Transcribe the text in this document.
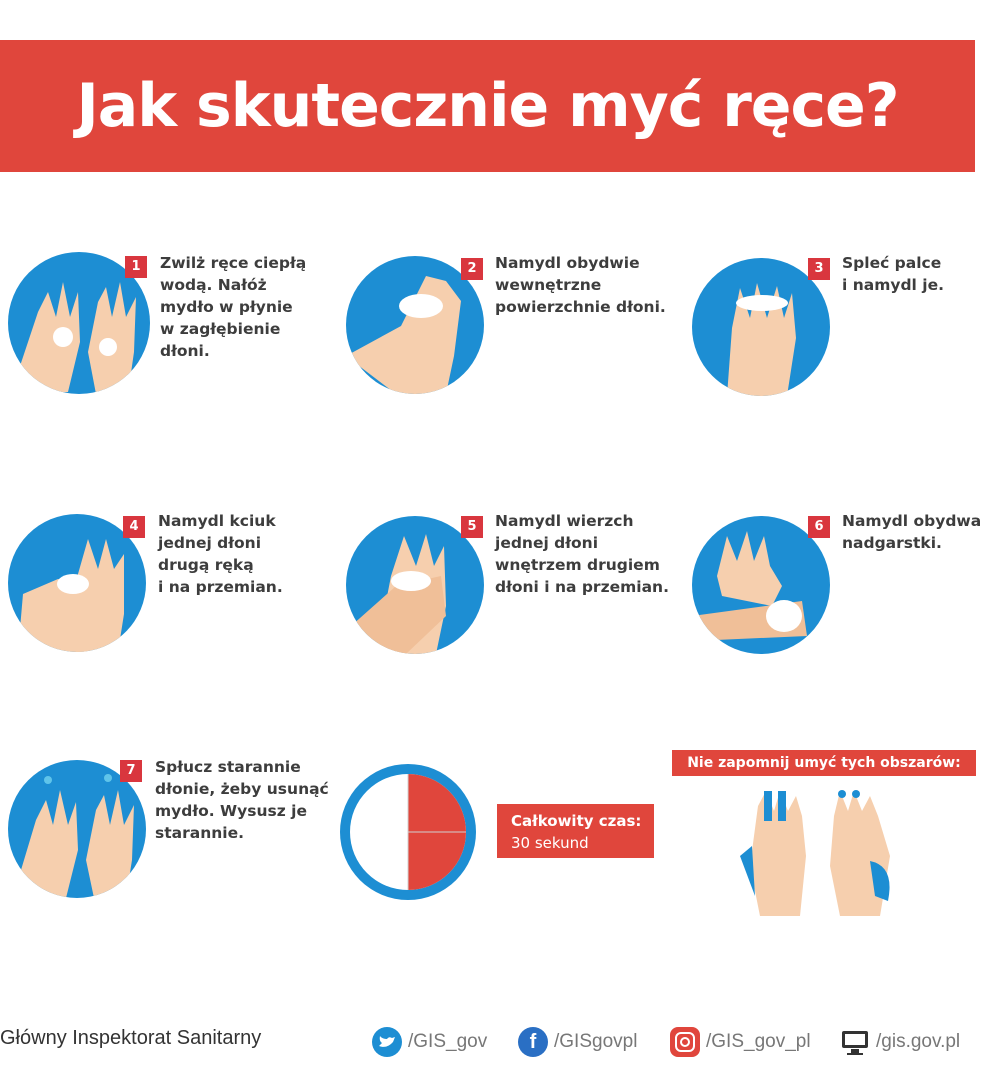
Jak skutecznie myć ręce?
1	Zwilż ręce ciepłą
wodą. Nałóż
mydło w płynie
w zagłębienie
dłoni.
2	Namydl obydwie
wewnętrzne
powierzchnie dłoni.
3	Spleć palce
i namydl je.
4	Namydl kciuk
jednej dłoni
drugą ręką
i na przemian.
5	Namydl wierzch
jednej dłoni
wnętrzem drugiem
dłoni i na przemian.
6	Namydl obydwa
nadgarstki.
7	Spłucz starannie
dłonie, żeby usunąć
mydło. Wysusz je
starannie.
Całkowity czas:
30 sekund
Nie zapomnij umyć tych obszarów:
Główny Inspektorat Sanitarny	/GIS_gov	f /GISgovpl	/GIS_gov_pl	/gis.gov.pl
